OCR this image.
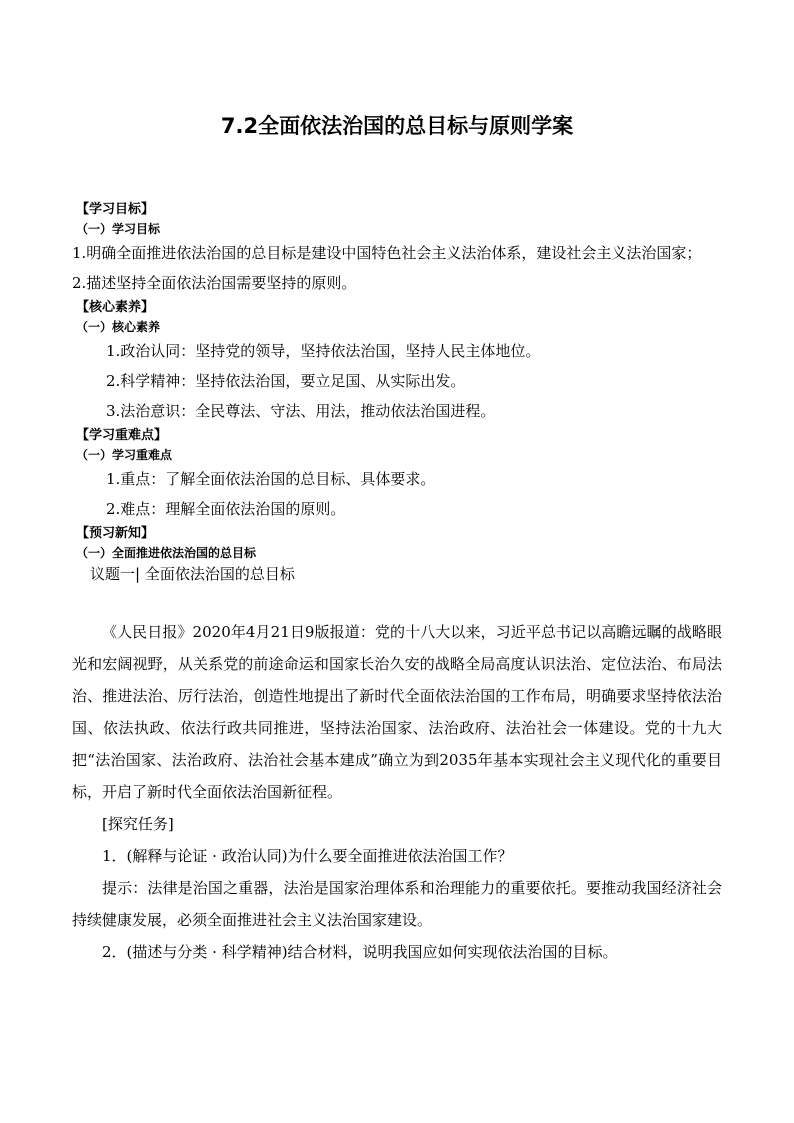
7.2全面依法治国的总目标与原则学案
【学习目标】
（一）学习目标

1.明确全面推进依法治国的总目标是建设中国特色社会主义法治体系，建设社会主义法治国家；

2.描述坚持全面依法治国需要坚持的原则。

【核心素养】
（一）核心素养

1.政治认同：坚持党的领导，坚持依法治国，坚持人民主体地位。

2.科学精神：坚持依法治国，要立足国、从实际出发。

3.法治意识：全民尊法、守法、用法，推动依法治国进程。

【学习重难点】
（一）学习重难点

1.重点：了解全面依法治国的总目标、具体要求。

2.难点：理解全面依法治国的原则。

【预习新知】
（一）全面推进依法治国的总目标

议题一| 全面依法治国的总目标

《人民日报》2020年4月21日9版报道：党的十八大以来，习近平总书记以高瞻远瞩的战略眼光和宏阔视野，从关系党的前途命运和国家长治久安的战略全局高度认识法治、定位法治、布局法治、推进法治、厉行法治，创造性地提出了新时代全面依法治国的工作布局，明确要求坚持依法治国、依法执政、依法行政共同推进，坚持法治国家、法治政府、法治社会一体建设。党的十九大把“法治国家、法治政府、法治社会基本建成”确立为到2035年基本实现社会主义现代化的重要目标，开启了新时代全面依法治国新征程。

[探究任务]

1．(解释与论证 · 政治认同)为什么要全面推进依法治国工作？

提示：法律是治国之重器，法治是国家治理体系和治理能力的重要依托。要推动我国经济社会持续健康发展，必须全面推进社会主义法治国家建设。

2．(描述与分类 · 科学精神)结合材料，说明我国应如何实现依法治国的目标。
